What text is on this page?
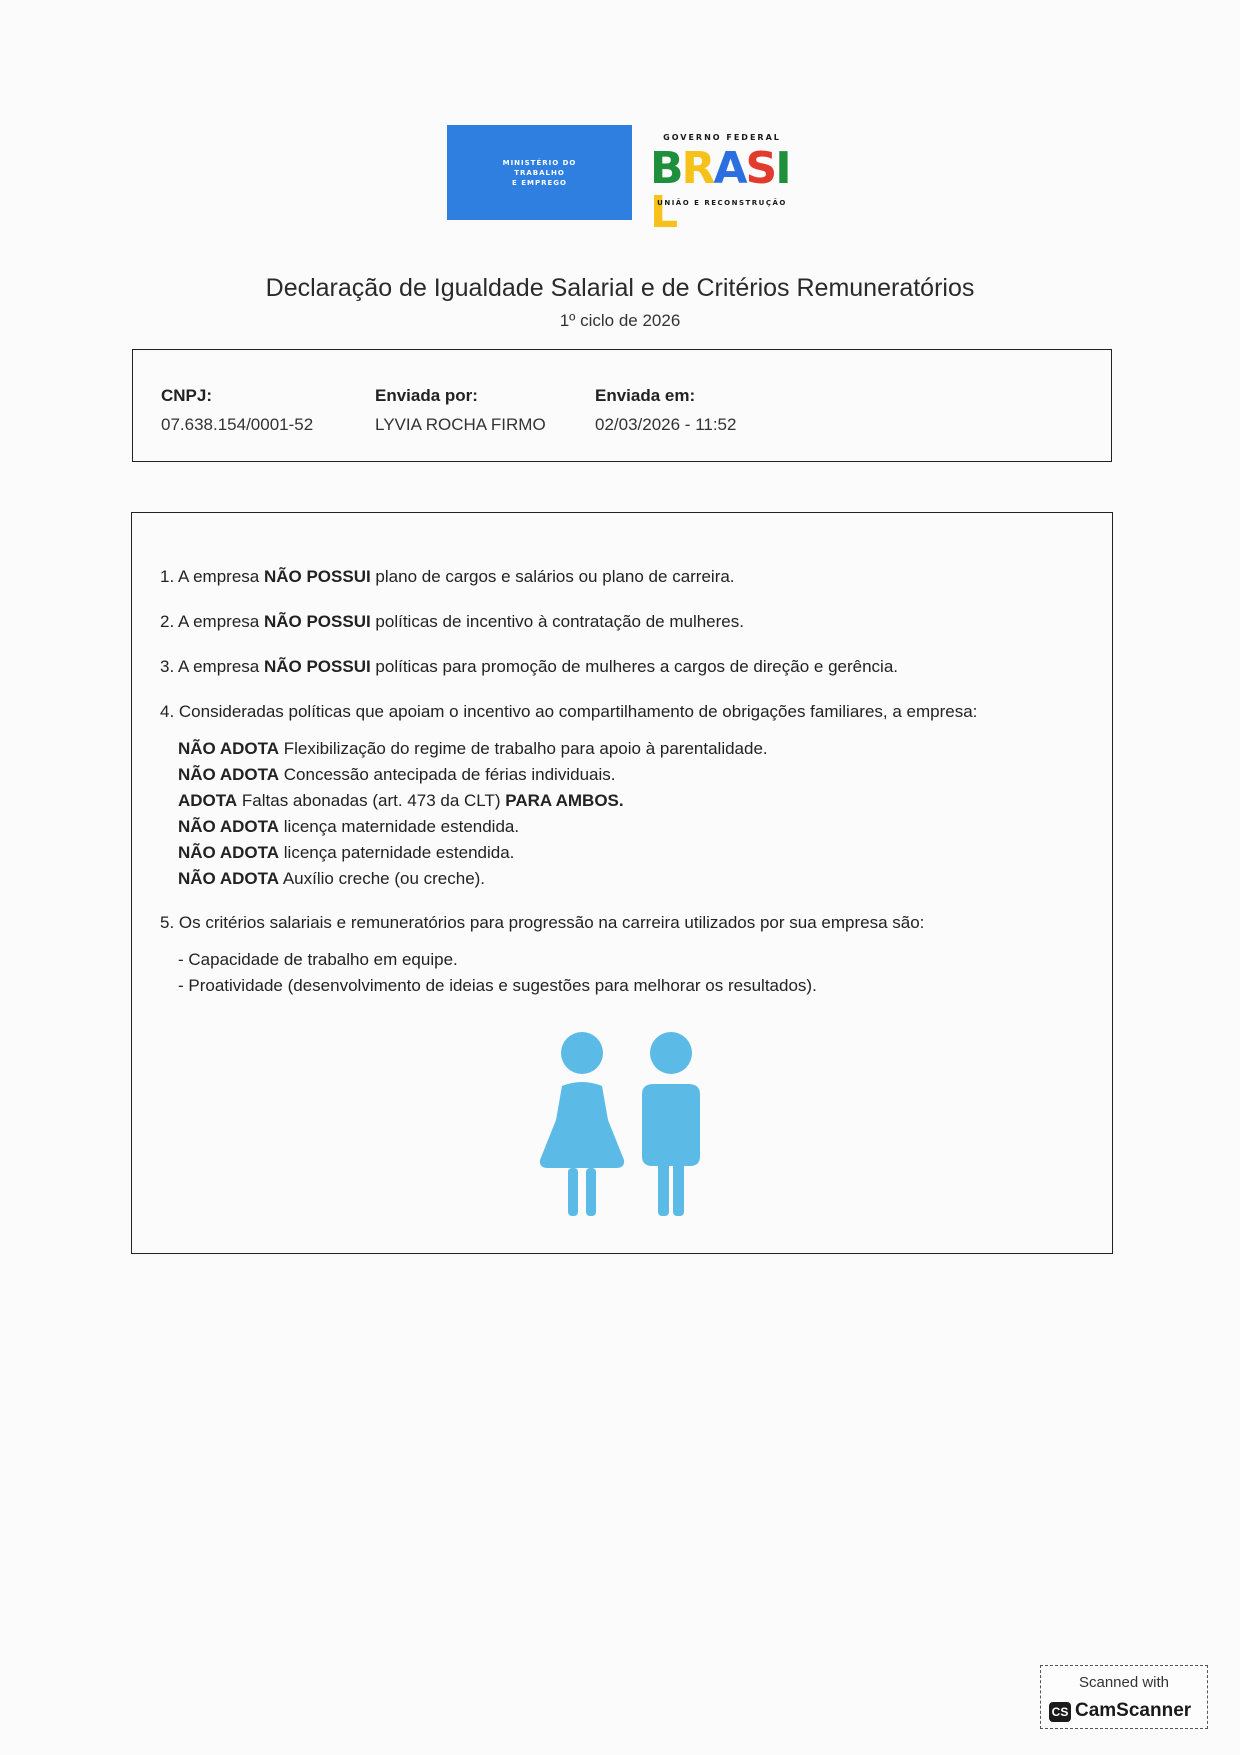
MINISTÉRIO DO
TRABALHO
E EMPREGO
GOVERNO FEDERAL
BRASIL
UNIÃO E RECONSTRUÇÃO
Declaração de Igualdade Salarial e de Critérios Remuneratórios
1º ciclo de 2026
CNPJ:
07.638.154/0001-52
Enviada por:
LYVIA ROCHA FIRMO
Enviada em:
02/03/2026 - 11:52
1. A empresa NÃO POSSUI plano de cargos e salários ou plano de carreira.
2. A empresa NÃO POSSUI políticas de incentivo à contratação de mulheres.
3. A empresa NÃO POSSUI políticas para promoção de mulheres a cargos de direção e gerência.
4. Consideradas políticas que apoiam o incentivo ao compartilhamento de obrigações familiares, a empresa:
NÃO ADOTA Flexibilização do regime de trabalho para apoio à parentalidade.
NÃO ADOTA Concessão antecipada de férias individuais.
ADOTA Faltas abonadas (art. 473 da CLT) PARA AMBOS.
NÃO ADOTA licença maternidade estendida.
NÃO ADOTA licença paternidade estendida.
NÃO ADOTA Auxílio creche (ou creche).
5. Os critérios salariais e remuneratórios para progressão na carreira utilizados por sua empresa são:
- Capacidade de trabalho em equipe.
- Proatividade (desenvolvimento de ideias e sugestões para melhorar os resultados).
Scanned with
CS CamScanner
